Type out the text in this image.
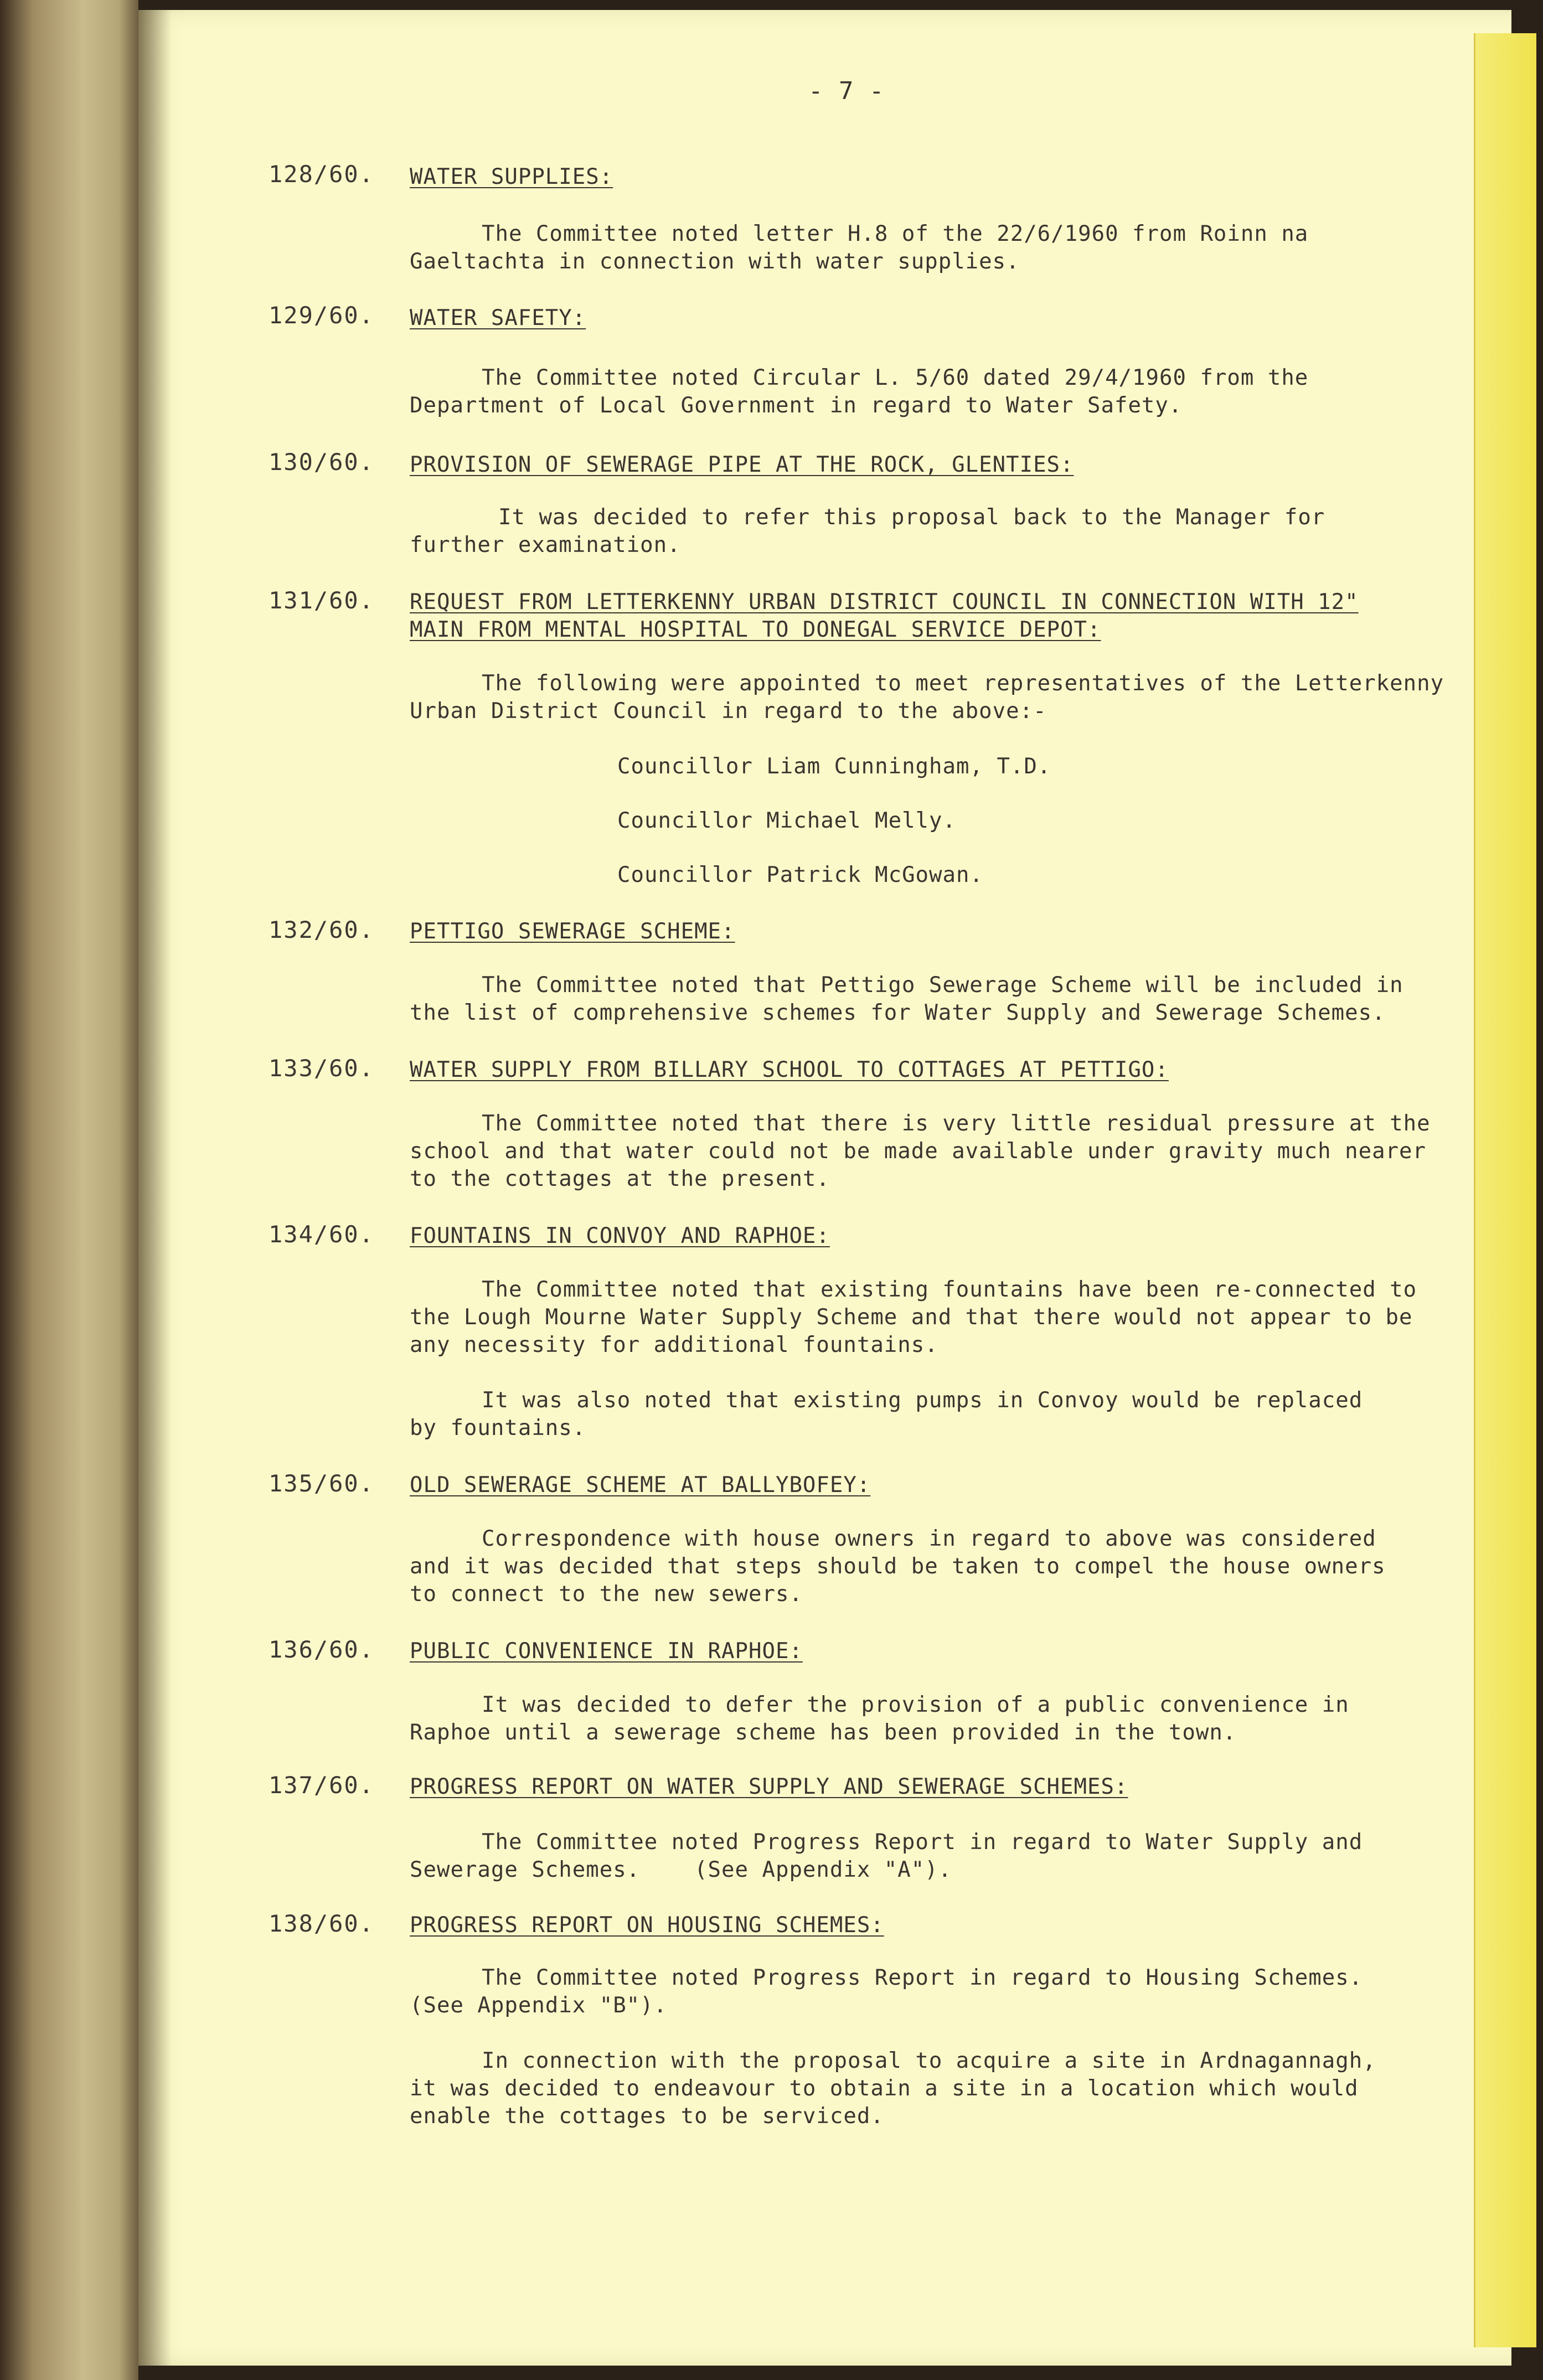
- 7 -
128/60. WATER SUPPLIES:
The Committee noted letter H.8 of the 22/6/1960 from Roinn na
Gaeltachta in connection with water supplies.
129/60. WATER SAFETY:
The Committee noted Circular L. 5/60 dated 29/4/1960 from the
Department of Local Government in regard to Water Safety.
130/60. PROVISION OF SEWERAGE PIPE AT THE ROCK, GLENTIES:
It was decided to refer this proposal back to the Manager for
further examination.
131/60. REQUEST FROM LETTERKENNY URBAN DISTRICT COUNCIL IN CONNECTION WITH 12"
MAIN FROM MENTAL HOSPITAL TO DONEGAL SERVICE DEPOT:
The following were appointed to meet representatives of the Letterkenny
Urban District Council in regard to the above:-
Councillor Liam Cunningham, T.D.
Councillor Michael Melly.
Councillor Patrick McGowan.
132/60. PETTIGO SEWERAGE SCHEME:
The Committee noted that Pettigo Sewerage Scheme will be included in
the list of comprehensive schemes for Water Supply and Sewerage Schemes.
133/60. WATER SUPPLY FROM BILLARY SCHOOL TO COTTAGES AT PETTIGO:
The Committee noted that there is very little residual pressure at the
school and that water could not be made available under gravity much nearer
to the cottages at the present.
134/60. FOUNTAINS IN CONVOY AND RAPHOE:
The Committee noted that existing fountains have been re-connected to
the Lough Mourne Water Supply Scheme and that there would not appear to be
any necessity for additional fountains.
It was also noted that existing pumps in Convoy would be replaced
by fountains.
135/60. OLD SEWERAGE SCHEME AT BALLYBOFEY:
Correspondence with house owners in regard to above was considered
and it was decided that steps should be taken to compel the house owners
to connect to the new sewers.
136/60. PUBLIC CONVENIENCE IN RAPHOE:
It was decided to defer the provision of a public convenience in
Raphoe until a sewerage scheme has been provided in the town.
137/60. PROGRESS REPORT ON WATER SUPPLY AND SEWERAGE SCHEMES:
The Committee noted Progress Report in regard to Water Supply and
Sewerage Schemes.    (See Appendix "A").
138/60. PROGRESS REPORT ON HOUSING SCHEMES:
The Committee noted Progress Report in regard to Housing Schemes.
(See Appendix "B").
In connection with the proposal to acquire a site in Ardnagannagh,
it was decided to endeavour to obtain a site in a location which would
enable the cottages to be serviced.
